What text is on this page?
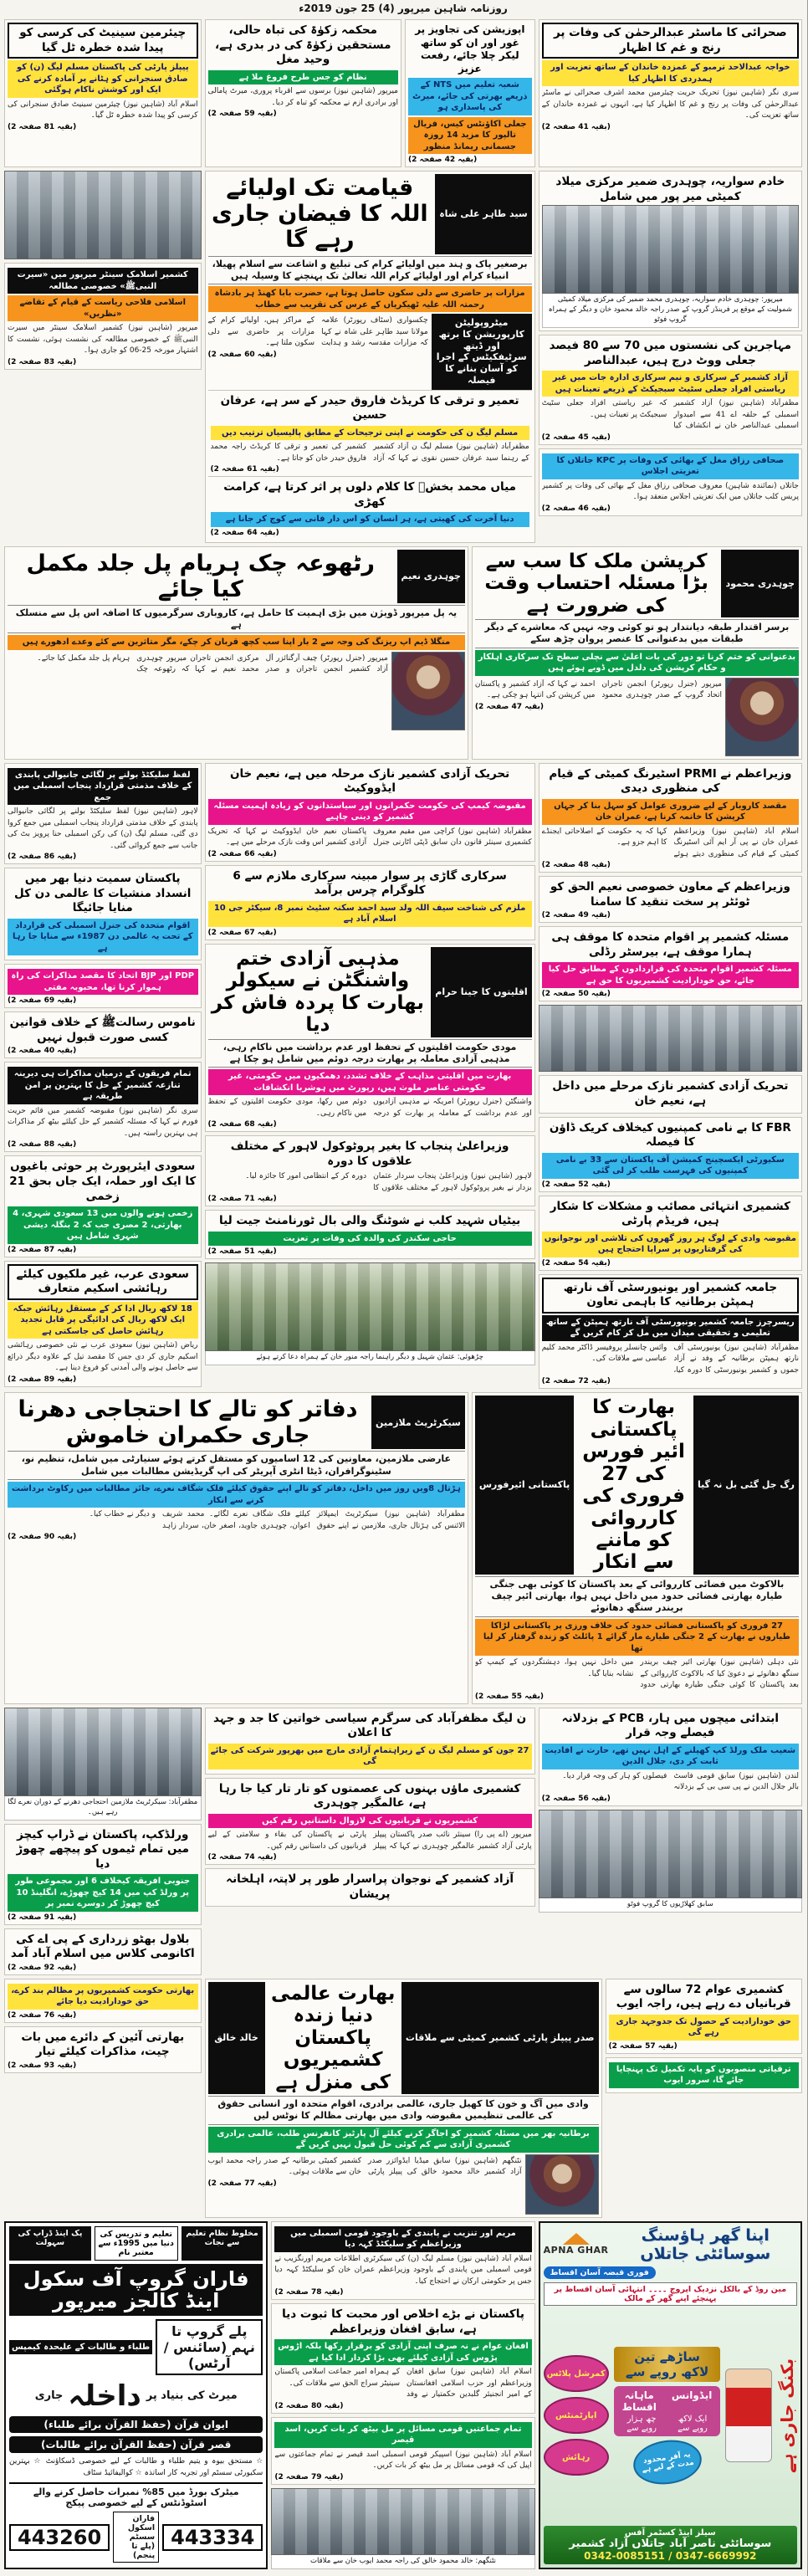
روزنامہ شاہین میرپور (4) 25 جون 2019ء
صحرائی کا ماسٹر عبدالرحمٰن کی وفات پر رنج و غم کا اظہار
خواجہ عبدالاحد ترمبو کے غمزدہ خاندان کے ساتھ تعزیت اور ہمدردی کا اظہار کیا
سری نگر (شاہین نیوز) تحریک حریت چیئرمین محمد اشرف صحرائی نے ماسٹر عبدالرحمٰن کی وفات پر رنج و غم کا اظہار کیا ہے، انہوں نے غمزدہ خاندان کے ساتھ تعزیت کی۔
(بقیہ 41 صفحہ 2)
اپوزیشن کی تجاویز پر غور اور ان کو ساتھ لیکر چلا جائے، رفعت عزیز
شعبہ تعلیم میں NTS کے ذریعے بھرتی کی جائے، میرٹ کی پاسداری ہو
جعلی اکاؤنٹس کیس، فریال تالپور کا مزید 14 روزہ جسمانی ریمانڈ منظور
(بقیہ 42 صفحہ 2)
محکمہ زکوٰۃ کی تباہ حالی، مستحقین زکوٰۃ کی در بدری ہے، وحید مغل
نظام کو جس طرح فروغ ملا ہے
میرپور (شاہین نیوز) برسوں سے اقرباء پروری، میرٹ پامالی اور برادری ازم نے محکمہ کو تباہ کر دیا۔
(بقیہ 59 صفحہ 2)
چیئرمین سینیٹ کی کرسی کو پیدا شدہ خطرہ ٹل گیا
پیپلز پارٹی کی پاکستان مسلم لیگ (ن) کو صادق سنجرانی کو ہٹانے پر آمادہ کرنے کی ایک اور کوشش ناکام ہوگئی
اسلام آباد (شاہین نیوز) چیئرمین سینیٹ صادق سنجرانی کی کرسی کو پیدا شدہ خطرہ ٹل گیا۔
(بقیہ 81 صفحہ 2)
خادم سواریہ، چوہدری ضمیر مرکزی میلاد کمیٹی میر پور میں شامل
میرپور: چوہدری خادم سواریہ، چوہدری محمد ضمیر کی مرکزی میلاد کمیٹی شمولیت کے موقع پر فرینڈز گروپ کے صدر راجہ خالد محمود خان و دیگر کے ہمراہ گروپ فوٹو
مہاجرین کی نشستوں میں 70 سے 80 فیصد جعلی ووٹ درج ہیں، عبدالناصر
آزاد کشمیر کے سرکاری و نیم سرکاری ادارہ جات میں غیر ریاستی افراد جعلی سٹیٹ سبجیکٹ کے ذریعے تعینات ہیں
مظفرآباد (شاہین نیوز) آزاد کشمیر اسمبلی کے حلقہ اے 41 سے امیدوار اسمبلی عبدالناصر خان نے انکشاف کیا کہ غیر ریاستی افراد جعلی سٹیٹ سبجیکٹ پر تعینات ہیں۔
(بقیہ 45 صفحہ 2)
صحافی رزاق مغل کے بھائی کی وفات پر KPC جاتلاں کا تعزیتی اجلاس
جاتلاں (نمائندہ شاہین) معروف صحافی رزاق مغل کے بھائی کی وفات پر کشمیر پریس کلب جاتلاں میں ایک تعزیتی اجلاس منعقد ہوا۔
(بقیہ 46 صفحہ 2)
سید طاہر علی شاہ
قیامت تک اولیائے اللہ کا فیضان جاری رہے گا
برصغیر پاک و ہند میں اولیائے کرام کی تبلیغ و اشاعت سے اسلام پھیلا، انبیاء کرام اور اولیائے کرام اللہ تعالیٰ تک پہنچنے کا وسیلہ ہیں
مزارات پر حاضری سے دلی سکون حاصل ہوتا ہے، حضرت بابا کھنڈ ہر بادشاہ رحمتہ اللہ علیہ ٹھیکریاں کے عرس کی تقریب سے خطاب
میٹروپولیٹن کارپوریشن کا برتھ اور ڈیتھ سرٹیفکیٹس کے اجرا کو آسان بنانے کا فیصلہ
چکسواری (سٹاف رپورٹر) علامہ مولانا سید طاہر علی شاہ نے کہا کہ مزارات مقدسہ رشد و ہدایت کے مراکز ہیں، اولیائے کرام کے مزارات پر حاضری سے دلی سکون ملتا ہے۔
(بقیہ 60 صفحہ 2)
تعمیر و ترقی کا کریڈٹ فاروق حیدر کے سر ہے، عرفان حسین
مسلم لیگ ن کی حکومت نے اپنی ترجیحات کے مطابق پالیسیاں ترتیب دیں
مظفرآباد (شاہین نیوز) مسلم لیگ ن آزاد کشمیر کے رہنما سید عرفان حسین نقوی نے کہا کہ آزاد کشمیر کی تعمیر و ترقی کا کریڈٹ راجہ محمد فاروق حیدر خان کو جاتا ہے۔
(بقیہ 61 صفحہ 2)
میاں محمد بخشؒ کا کلام دلوں پر اثر کرتا ہے، کرامت کھڑی
دنیا آخرت کی کھیتی ہے، ہر انسان کو اس دار فانی سے کوچ کر جانا ہے
(بقیہ 64 صفحہ 2)
کشمیر اسلامک سینٹر میرپور میں «سیرت النبیﷺ» خصوصی مطالعہ
اسلامی فلاحی ریاست کے قیام کے تقاضے «نظریں»
میرپور (شاہین نیوز) کشمیر اسلامک سینٹر میں سیرت النبیﷺ کے خصوصی مطالعہ کی نشست ہوئی، نشست کا اشتہار مورخہ 25-06 کو جاری ہوا۔
(بقیہ 83 صفحہ 2)
چوہدری محمود
کرپشن ملک کا سب سے بڑا مسئلہ احتساب وقت کی ضرورت ہے
برسر اقتدار طبقہ دیانتدار ہو تو کوئی وجہ نہیں کہ معاشرے کے دیگر طبقات میں بدعنوانی کا عنصر پروان چڑھ سکے
بدعنوانی کو ختم کرنا تو دور کی بات اعلیٰ سے نچلی سطح تک سرکاری اہلکار و حکام کرپشن کی دلدل میں ڈوبے ہوئے ہیں
میرپور (جنرل رپورٹر) انجمن تاجران اتحاد گروپ کے صدر چوہدری محمود احمد نے کہا کہ آزاد کشمیر و پاکستان میں کرپشن کی انتہا ہو چکی ہے۔
(بقیہ 47 صفحہ 2)
چوہدری نعیم
رٹھوعہ چک ہریام پل جلد مکمل کیا جائے
یہ پل میرپور ڈویژن میں بڑی اہمیت کا حامل ہے، کاروباری سرگرمیوں کا اضافہ اس پل سے منسلک ہے
منگلا ڈیم اپ ریزنگ کی وجہ سے 2 بار اپنا سب کچھ قربان کر چکے، مگر متاثرین سے کئے وعدے ادھورے ہیں
میرپور (جنرل رپورٹر) چیف آرگنائزر آل آزاد کشمیر انجمن تاجران و صدر مرکزی انجمن تاجران میرپور چوہدری محمد نعیم نے کہا کہ رٹھوعہ چک ہریام پل جلد مکمل کیا جائے۔
وزیراعظم نے PRMI اسٹیرنگ کمیٹی کے قیام کی منظوری دیدی
مقصد کاروبار کے لیے ضروری عوامل کو سہل بنا کر جہاں کرپشن کا خاتمہ کرنا ہے، عمران خان
اسلام آباد (شاہین نیوز) وزیراعظم عمران خان نے پی آر ایم آئی اسٹیرنگ کمیٹی کے قیام کی منظوری دیتے ہوئے کہا کہ یہ حکومت کے اصلاحاتی ایجنڈے کا اہم جزو ہے۔
(بقیہ 48 صفحہ 2)
وزیراعظم کے معاون خصوصی نعیم الحق کو ٹوئٹر پر سخت تنقید کا سامنا
(بقیہ 49 صفحہ 2)
مسئلہ کشمیر پر اقوام متحدہ کا موقف ہی ہمارا موقف ہے، بیرسٹر رڈلی
مسئلہ کشمیر اقوام متحدہ کی قراردادوں کے مطابق حل کیا جائے، حق خودارادیت کشمیریوں کا حق ہے
(بقیہ 50 صفحہ 2)
تحریک آزادی کشمیر نازک مرحلے میں داخل ہے، نعیم خان
FBR کا بے نامی کمپنیوں کیخلاف کریک ڈاؤن کا فیصلہ
سکیورٹی ایکسچینج کمیشن آف پاکستان سے 33 بے نامی کمپنیوں کی فہرست طلب کر لی گئی
(بقیہ 52 صفحہ 2)
کشمیری انتہائی مصائب و مشکلات کا شکار ہیں، فریڈم پارٹی
مقبوضہ وادی کے لوگ ہر روز گھروں کی تلاشی اور نوجوانوں کی گرفتاریوں پر سراپا احتجاج ہیں
(بقیہ 54 صفحہ 2)
جامعہ کشمیر اور یونیورسٹی آف نارتھ ہمپٹن برطانیہ کا باہمی تعاون
ریسرچرز جامعہ کشمیر یونیورسٹی آف نارتھ ہمپٹن کے ساتھ تعلیمی و تحقیقی میدان میں مل کر کام کریں گے
مظفرآباد (شاہین نیوز) یونیورسٹی آف نارتھ ہمپٹن برطانیہ کے وفد نے آزاد جموں و کشمیر یونیورسٹی کا دورہ کیا، وائس چانسلر پروفیسر ڈاکٹر محمد کلیم عباسی سے ملاقات کی۔
(بقیہ 72 صفحہ 2)
تحریک آزادی کشمیر نازک مرحلہ میں ہے، نعیم خان ایڈووکیٹ
مقبوضہ کیمپ کی حکومت حکمرانوں اور سیاستدانوں کو زیادہ اہمیت مسئلہ کشمیر کو دینی چاہیے
مظفرآباد (شاہین نیوز) کراچی میں مقیم معروف کشمیری سینئر قانون دان سابق ڈپٹی اٹارنی جنرل پاکستان نعیم خان ایڈووکیٹ نے کہا کہ تحریک آزادی کشمیر اس وقت نازک مرحلے میں ہے۔
(بقیہ 66 صفحہ 2)
سرکاری گاڑی پر سوار مبینہ سرکاری ملازم سے 6 کلوگرام چرس برآمد
ملزم کی شناخت سیف اللہ ولد سید احمد سکنہ سٹیٹ نمبر 8، سیکٹر جی 10 اسلام آباد ہے
(بقیہ 67 صفحہ 2)
اقلیتوں کا جینا حرام
مذہبی آزادی ختم واشنگٹن نے سیکولر بھارت کا پردہ فاش کر دیا
مودی حکومت اقلیتوں کے تحفظ اور عدم برداشت میں ناکام رہی، مذہبی آزادی معاملہ پر بھارت درجہ دوئم میں شامل ہو چکا ہے
بھارت میں اقلیتی مذاہب کے خلاف تشدد، دھمکیوں میں حکومتی، غیر حکومتی عناصر ملوث ہیں، رپورٹ میں ہوشربا انکشافات
واشنگٹن (جنرل رپورٹر) امریکہ نے مذہبی آزادیوں اور عدم برداشت کے معاملہ پر بھارت کو درجہ دوئم میں رکھا، مودی حکومت اقلیتوں کے تحفظ میں ناکام رہی۔
(بقیہ 68 صفحہ 2)
وزیراعلیٰ پنجاب کا بغیر پروٹوکول لاہور کے مختلف علاقوں کا دورہ
لاہور (شاہین نیوز) وزیراعلیٰ پنجاب سردار عثمان بزدار نے بغیر پروٹوکول لاہور کے مختلف علاقوں کا دورہ کر کے انتظامی امور کا جائزہ لیا۔
(بقیہ 71 صفحہ 2)
بیٹیاں شہید کلب نے شوٹنگ والی بال ٹورنامنٹ جیت لیا
حاجی سکندر کی والدہ کی وفات پر تعزیت
(بقیہ 51 صفحہ 2)
چڑھوئی: عثمان شہیل و دیگر راہنما راجہ منور خان کے ہمراہ دعا کرتے ہوئے
لفظ سلیکٹڈ بولنے پر لگائی جانیوالی پابندی کے خلاف مذمتی قرارداد پنجاب اسمبلی میں جمع
لاہور (شاہین نیوز) لفظ سلیکٹڈ بولنے پر لگائی جانیوالی پابندی کے خلاف مذمتی قرارداد پنجاب اسمبلی میں جمع کروا دی گئی، مسلم لیگ (ن) کی رکن اسمبلی حنا پرویز بٹ کی جانب سے جمع کروائی گئی۔
(بقیہ 86 صفحہ 2)
پاکستان سمیت دنیا بھر میں انسداد منشیات کا عالمی دن کل منایا جائیگا
اقوام متحدہ کی جنرل اسمبلی کی قرارداد کے تحت یہ عالمی دن 1987ء سے منایا جا رہا ہے
PDP اور BJP اتحاد کا مقصد مذاکرات کی راہ ہموار کرنا تھا، محبوبہ مفتی
(بقیہ 69 صفحہ 2)
ناموس رسالتﷺ کے خلاف قوانین کسی صورت قبول نہیں
(بقیہ 40 صفحہ 2)
تمام فریقوں کے درمیان مذاکرات ہی دیرینہ تنازعہ کشمیر کے حل کا بہترین پر امن طریقہ ہے
سری نگر (شاہین نیوز) مقبوضہ کشمیر میں قائم حریت فورم نے کہا کہ مسئلہ کشمیر کے حل کیلئے بیٹھ کر مذاکرات ہی بہترین راستہ ہیں۔
(بقیہ 88 صفحہ 2)
سعودی ایئرپورٹ پر حوثی باغیوں کا ایک اور حملہ، ایک جاں بحق 21 زخمی
زخمی ہونے والوں میں 13 سعودی شہری، 4 بھارتی، 2 مصری جب کہ 2 بنگلہ دیشی شہری شامل ہیں
(بقیہ 87 صفحہ 2)
سعودی عرب، غیر ملکیوں کیلئے رہائشی اسکیم متعارف
18 لاکھ ریال ادا کر کے مستقل رہائش جبکہ ایک لاکھ ریال کی ادائیگی پر قابل تجدید رہائش حاصل کی جاسکتی ہے
ریاض (شاہین نیوز) سعودی عرب نے نئی خصوصی رہائشی اسکیم جاری کر دی جس کا مقصد تیل کے علاوہ دیگر ذرائع سے حاصل ہونے والی آمدنی کو فروغ دینا ہے۔
(بقیہ 89 صفحہ 2)
رگ جل گئی بل نہ گیا
بھارت کا پاکستانی ائیر فورس کی 27 فروری کی کارروائی کو ماننے سے انکار
پاکستانی ائیرفورس
بالاکوٹ میں فضائی کارروائی کے بعد پاکستان کا کوئی بھی جنگی طیارہ بھارتی فضائی حدود میں داخل نہیں ہوا، بھارتی ائیر چیف بریندر سنگھ دھانوئے
27 فروری کو پاکستانی فضائی حدود کی خلاف ورزی پر پاکستانی لڑاکا طیاروں نے بھارت کے 2 جنگی طیارے مار گرائے 1 پائلٹ کو زندہ گرفتار کر لیا تھا
نئی دہلی (شاہین نیوز) بھارتی ائیر چیف بریندر سنگھ دھانوئے نے دعویٰ کیا کہ بالاکوٹ کارروائی کے بعد پاکستان کا کوئی جنگی طیارہ بھارتی حدود میں داخل نہیں ہوا، دہشتگردوں کے کیمپ کو نشانہ بنایا گیا۔
(بقیہ 55 صفحہ 2)
سیکرٹریٹ ملازمین
دفاتر کو تالے کا احتجاجی دھرنا جاری حکمران خاموش
عارضی ملازمین، معاونین کی 12 اسامیوں کو مستقل کرتے ہوئے سنیارٹی میں شامل، تنظیم نو، سٹینوگرافران، ڈیٹا انٹری آپریٹر کی اپ گریڈیشن مطالبات میں شامل
ہڑتال 8ویں روز میں داخل، دفاتر کو تالے اپنے حقوق کیلئے فلک شگاف نعرے، جائز مطالبات میں رکاوٹ برداشت کرنے سے انکار
مظفرآباد (شاہین نیوز) سیکرٹریٹ ایمپلائز الائنس کی ہڑتال جاری، ملازمین نے اپنے حقوق کیلئے فلک شگاف نعرے لگائے۔ محمد شریف اعوان، چوہدری جاوید، اصغر خان، سردار زاہد و دیگر نے خطاب کیا۔
(بقیہ 90 صفحہ 2)
ابتدائی میچوں میں ہار، PCB کے بزدلانہ فیصلے وجہ قرار
شعیب ملک ورلڈ کپ کھیلنے کے اہل نہیں تھے، حارث نے افادیت ثابت کر دی، جلال الدین
لندن (شاہین نیوز) سابق قومی فاسٹ بالر جلال الدین نے پی سی بی کے بزدلانہ فیصلوں کو ہار کی وجہ قرار دیا۔
(بقیہ 56 صفحہ 2)
سابق کھلاڑیوں کا گروپ فوٹو
ن لیگ مظفرآباد کی سرگرم سیاسی خواتین کا جد و جہد کا اعلان
27 جون کو مسلم لیگ ن کے زیراہتمام آزادی مارچ میں بھرپور شرکت کی جائے گی
کشمیری ماؤں بہنوں کی عصمتوں کو تار تار کیا جا رہا ہے، عالمگیر چوہدری
کشمیریوں نے قربانیوں کی لازوال داستانیں رقم کیں
میرپور (اے پی را) سینئر نائب صدر پاکستان پیپلز پارٹی آزاد کشمیر عالمگیر چوہدری نے کہا کہ پیپلز پارٹی نے پاکستان کی بقاء و سلامتی کے لیے قربانیوں کی داستانیں رقم کیں۔
(بقیہ 74 صفحہ 2)
آزاد کشمیر کے نوجوان پراسرار طور پر لاپتہ، اہلخانہ پریشان
مظفرآباد: سیکرٹریٹ ملازمین احتجاجی دھرنے کے دوران نعرے لگا رہے ہیں۔
ورلڈکپ، پاکستان نے ڈراپ کیچز میں تمام ٹیموں کو پیچھے چھوڑ دیا
جنوبی افریقہ کیخلاف 6 اور مجموعی طور پر ورلڈ کپ میں 14 کیچ چھوڑے، انگلینڈ 10 کیچ چھوڑ کر دوسرے نمبر پر
(بقیہ 91 صفحہ 2)
بلاول بھٹو زرداری کے پی اے کی اکانومی کلاس میں اسلام آباد آمد
(بقیہ 92 صفحہ 2)
کشمیری عوام 72 سالوں سے قربانیاں دے رہے ہیں، راجہ ایوب
حق خودارادیت کے حصول تک جدوجہد جاری رہے گی
(بقیہ 57 صفحہ 2)
ترقیاتی منصوبوں کو پایہ تکمیل تک پہنچایا جائے گا، سرور ایوب
صدر پیپلز پارٹی کشمیر کمیٹی سے ملاقات
بھارت عالمی دنیا زندہ پاکستان کشمیریوں کی منزل ہے
خالد خالق
وادی میں آگ و خون کا کھیل جاری، عالمی برادری، اقوام متحدہ اور انسانی حقوق کی عالمی تنظیمیں مقبوضہ وادی میں بھارتی مظالم کا نوٹس لیں
برطانیہ بھر میں مسئلہ کشمیر کو اجاگر کرنے کیلئے آل پارٹیز کانفرنس طلب، عالمی برادری کشمیری آزادی سے کم کوئی حل قبول نہیں کریں گے
نٹنگھم (شاہین نیوز) سابق میڈیا ایڈوائزر صدر آزاد کشمیر خالد محمود خالق کی پیپلز پارٹی کشمیر کمیٹی برطانیہ کے صدر راجہ محمد ایوب خان سے ملاقات ہوئی۔
(بقیہ 77 صفحہ 2)
بھارتی حکومت کشمیریوں پر مظالم بند کرے، حق خودارادیت دیا جائے
(بقیہ 76 صفحہ 2)
بھارتی آئین کے دائرے میں بات چیت، مذاکرات کیلئے تیار
(بقیہ 93 صفحہ 2)
اپنا گھر ہاؤسنگ سوسائٹی جاتلاں
APNA GHAR
فوری قبضہ آسان اقساط
مین روڈ کے بالکل نزدیک اپروچ ۔۔۔۔ انتہائی آسان اقساط پر پہنچئے اپنے گھر کے مالک
بکنگ جاری ہے
ساڑھے تین لاکھ روپے سے
ایڈوانس
ماہانہ اقساط
ایک لاکھ روپے سے
چھ ہزار روپے سے
یہ آفر محدود مدت کے لیے ہے
کمرشل پلاٹس
اپارٹمنٹس
رہائش
سیلز اینڈ کسٹمر آفس
سوسائٹی ناصر آباد جاتلاں آزاد کشمیر
0342-0085151 / 0347-6669992
مریم اور تنزیب نے پابندی کے باوجود قومی اسمبلی میں وزیراعظم کو سلیکٹڈ کہہ دیا
اسلام آباد (شاہین نیوز) مسلم لیگ (ن) کی سیکرٹری اطلاعات مریم اورنگزیب نے قومی اسمبلی میں پابندی کے باوجود وزیراعظم عمران خان کو سلیکٹڈ کہہ دیا جس پر حکومتی ارکان نے احتجاج کیا۔
(بقیہ 78 صفحہ 2)
پاکستان نے بڑے اخلاص اور محبت کا ثبوت دیا ہے، سابق افغان وزیراعظم
افغان عوام نے نہ صرف اپنی آزادی کو برقرار رکھا بلکہ اڑوس پڑوس کی آزادی کیلئے بھی بڑا کردار ادا کیا ہے
اسلام آباد (شاہین نیوز) سابق افغان وزیراعظم اور حزب اسلامی افغانستان کے امیر انجنیئر گلبدین حکمتیار نے وفد کے ہمراہ امیر جماعت اسلامی پاکستان سینیٹر سراج الحق سے ملاقات کی۔
(بقیہ 80 صفحہ 2)
تمام جماعتیں قومی مسائل پر مل بیٹھ کر بات کریں، اسد قیصر
اسلام آباد (شاہین نیوز) اسپیکر قومی اسمبلی اسد قیصر نے تمام جماعتوں سے اپیل کی کہ قومی مسائل پر مل بیٹھ کر بات کریں۔
(بقیہ 79 صفحہ 2)
نٹنگھم: خالد محمود خالق کی راجہ محمد ایوب خان سے ملاقات
مخلوط نظام تعلیم سے نجات
تعلیم و تدریس کی دنیا میں 1995ء سے معتبر نام
پک اینڈ ڈراپ کی سہولت
فاران گروپ آف سکول اینڈ کالجز میرپور
پلے گروپ تا نہم (سائنس / آرٹس)
طلباء و طالبات کے علیحدہ کیمپس
میرٹ کی بنیاد پر
داخلہ
جاری
ایوان قرآن (حفظ القرآن برائے طلباء)
قصر قرآن (حفظ القرآن برائے طالبات)
☆ مستحق بیوہ و یتیم طلباء و طالبات کے لیے خصوصی ڈسکاؤنٹ ☆ بہترین سکیورٹی سسٹم اور تجربہ کار اساتذہ ☆ کوالیفائیڈ سٹاف
میٹرک بورڈ میں 85% نمبرات حاصل کرنے والے اسٹوڈنٹس کے لیے خصوصی پیکج
443334
فاران اسکول سسٹم (پلے تا پنجم)
443260
